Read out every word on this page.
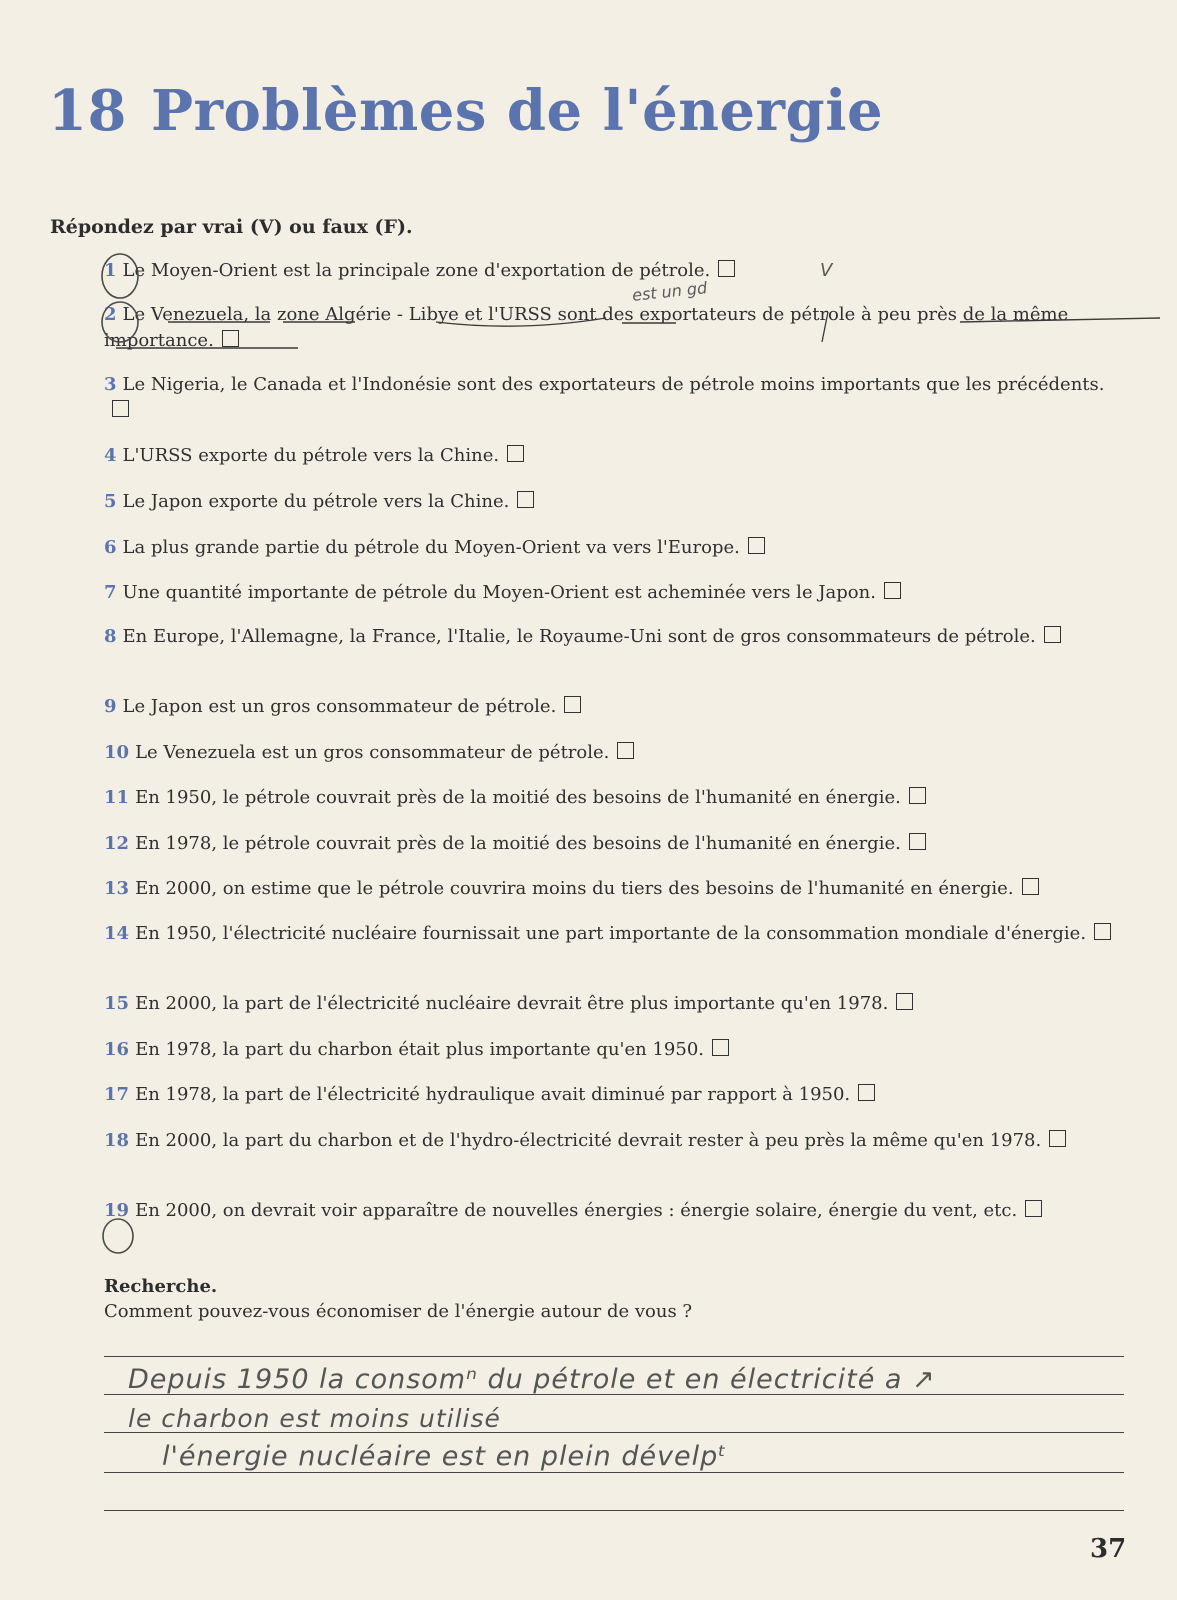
18 Problèmes de l'énergie
Répondez par vrai (V) ou faux (F).
1 Le Moyen-Orient est la principale zone d'exportation de pétrole.
2 Le Venezuela, la zone Algérie - Libye et l'URSS sont des exportateurs de pétrole à peu près de la même importance.
3 Le Nigeria, le Canada et l'Indonésie sont des exportateurs de pétrole moins importants que les précédents.
4 L'URSS exporte du pétrole vers la Chine.
5 Le Japon exporte du pétrole vers la Chine.
6 La plus grande partie du pétrole du Moyen-Orient va vers l'Europe.
7 Une quantité importante de pétrole du Moyen-Orient est acheminée vers le Japon.
8 En Europe, l'Allemagne, la France, l'Italie, le Royaume-Uni sont de gros consommateurs de pétrole.
9 Le Japon est un gros consommateur de pétrole.
10 Le Venezuela est un gros consommateur de pétrole.
11 En 1950, le pétrole couvrait près de la moitié des besoins de l'humanité en énergie.
12 En 1978, le pétrole couvrait près de la moitié des besoins de l'humanité en énergie.
13 En 2000, on estime que le pétrole couvrira moins du tiers des besoins de l'humanité en énergie.
14 En 1950, l'électricité nucléaire fournissait une part importante de la consommation mondiale d'énergie.
15 En 2000, la part de l'électricité nucléaire devrait être plus importante qu'en 1978.
16 En 1978, la part du charbon était plus importante qu'en 1950.
17 En 1978, la part de l'électricité hydraulique avait diminué par rapport à 1950.
18 En 2000, la part du charbon et de l'hydro-électricité devrait rester à peu près la même qu'en 1978.
19 En 2000, on devrait voir apparaître de nouvelles énergies : énergie solaire, énergie du vent, etc.
Recherche.
Comment pouvez-vous économiser de l'énergie autour de vous ?
Depuis 1950 la consomⁿ du pétrole et en électricité a ↗
le charbon est moins utilisé
l'énergie nucléaire est en plein dévelpᵗ
V
est un gd
37
